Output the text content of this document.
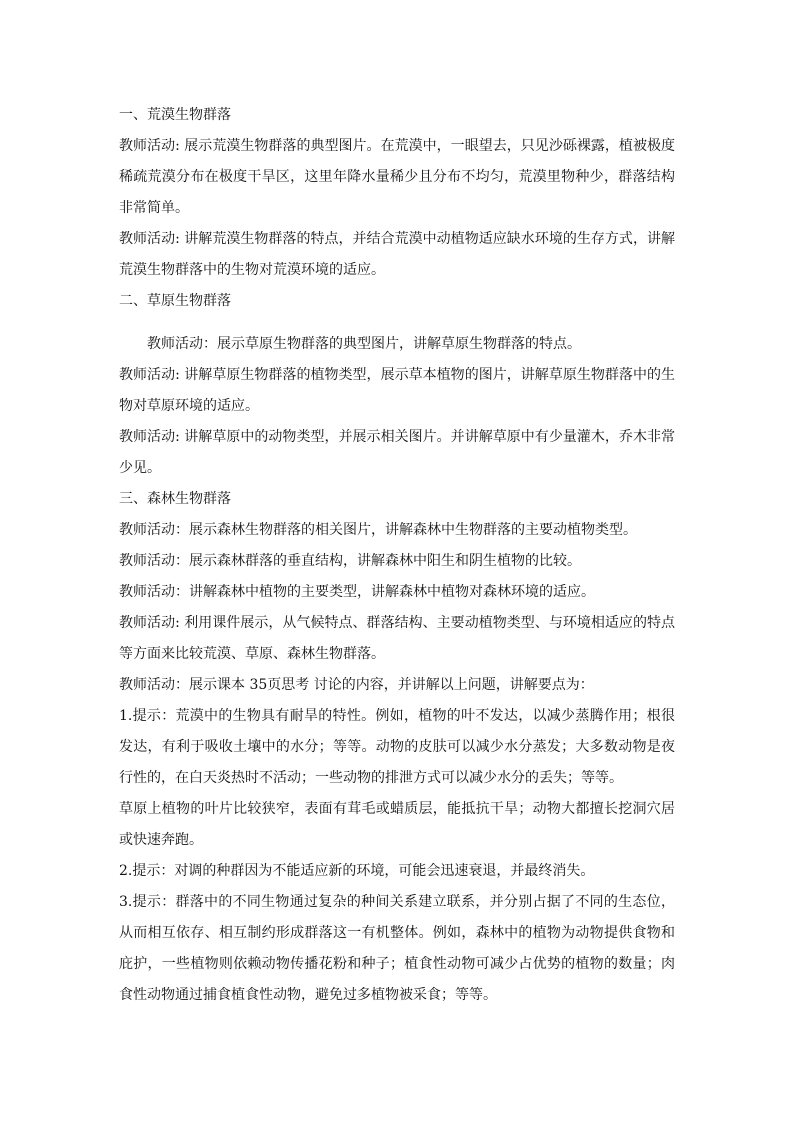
一、荒漠生物群落

教师活动: 展示荒漠生物群落的典型图片。在荒漠中，一眼望去，只见沙砾裸露，植被极度稀疏荒漠分布在极度干旱区，这里年降水量稀少且分布不均匀，荒漠里物种少，群落结构非常简单。

教师活动: 讲解荒漠生物群落的特点，并结合荒漠中动植物适应缺水环境的生存方式，讲解荒漠生物群落中的生物对荒漠环境的适应。

二、草原生物群落

教师活动：展示草原生物群落的典型图片，讲解草原生物群落的特点。

教师活动: 讲解草原生物群落的植物类型，展示草本植物的图片，讲解草原生物群落中的生物对草原环境的适应。

教师活动: 讲解草原中的动物类型，并展示相关图片。并讲解草原中有少量灌木，乔木非常少见。

三、森林生物群落

教师活动：展示森林生物群落的相关图片，讲解森林中生物群落的主要动植物类型。

教师活动：展示森林群落的垂直结构，讲解森林中阳生和阴生植物的比较。

教师活动：讲解森林中植物的主要类型，讲解森林中植物对森林环境的适应。

教师活动: 利用课件展示，从气候特点、群落结构、主要动植物类型、与环境相适应的特点等方面来比较荒漠、草原、森林生物群落。

教师活动：展示课本 35页思考 讨论的内容，并讲解以上问题，讲解要点为：

1.提示：荒漠中的生物具有耐旱的特性。例如，植物的叶不发达，以减少蒸腾作用；根很发达，有利于吸收土壤中的水分；等等。动物的皮肤可以减少水分蒸发；大多数动物是夜行性的，在白天炎热时不活动；一些动物的排泄方式可以减少水分的丢失；等等。

草原上植物的叶片比较狭窄，表面有茸毛或蜡质层，能抵抗干旱；动物大都擅长挖洞穴居或快速奔跑。

2.提示：对调的种群因为不能适应新的环境，可能会迅速衰退，并最终消失。

3.提示：群落中的不同生物通过复杂的种间关系建立联系，并分别占据了不同的生态位，从而相互依存、相互制约形成群落这一有机整体。例如，森林中的植物为动物提供食物和庇护，一些植物则依赖动物传播花粉和种子；植食性动物可减少占优势的植物的数量；肉食性动物通过捕食植食性动物，避免过多植物被采食；等等。
